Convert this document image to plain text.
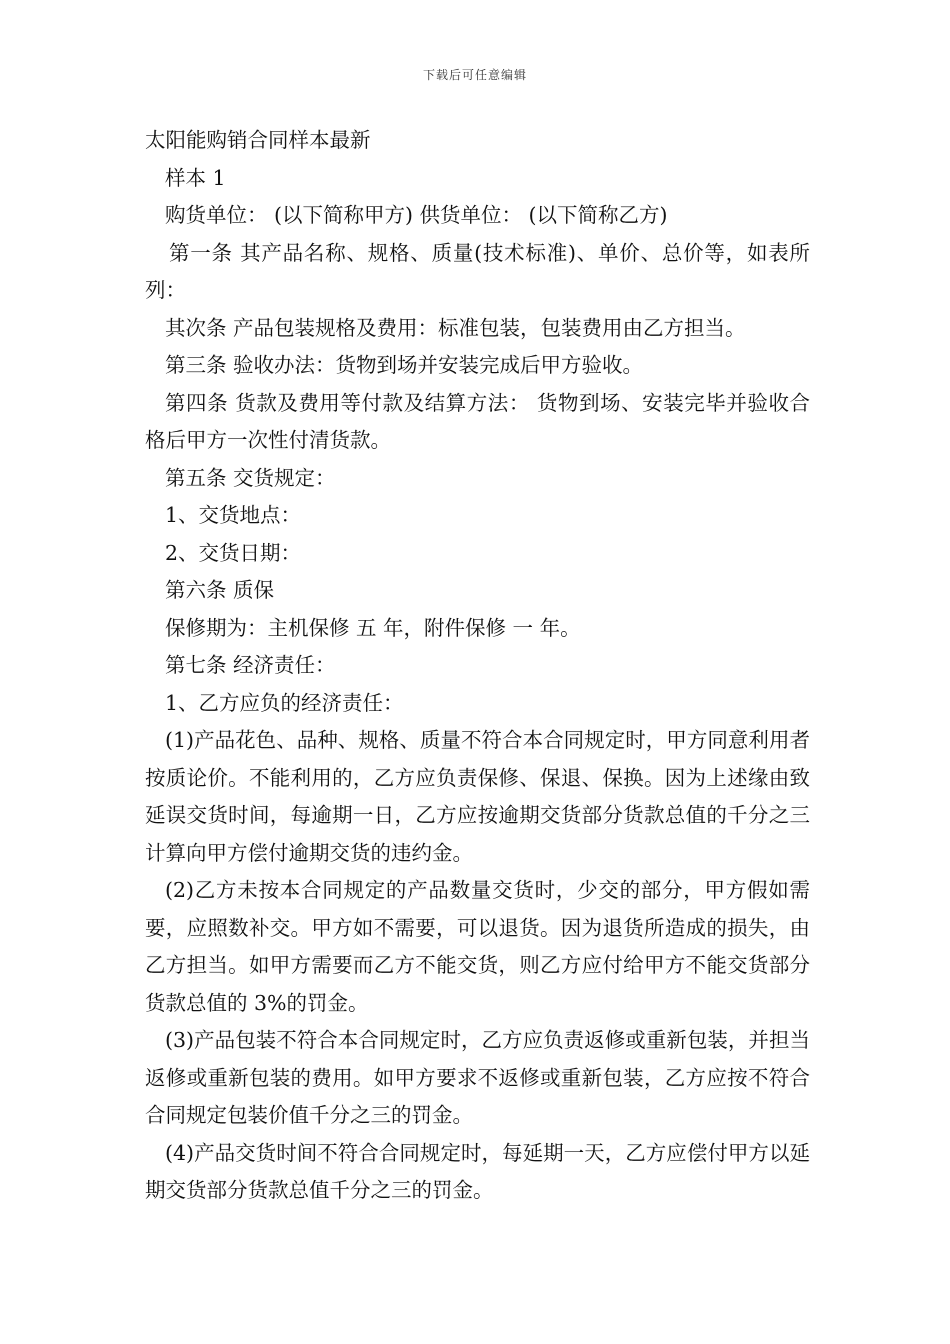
下载后可任意编辑

太阳能购销合同样本最新

样本 1

购货单位： (以下简称甲方) 供货单位： (以下简称乙方)

第一条 其产品名称、规格、质量(技术标准)、单价、总价等，如表所列：

其次条 产品包装规格及费用：标准包装，包装费用由乙方担当。

第三条 验收办法：货物到场并安装完成后甲方验收。

第四条 货款及费用等付款及结算方法： 货物到场、安装完毕并验收合格后甲方一次性付清货款。

第五条 交货规定：

1、交货地点：

2、交货日期：

第六条 质保

保修期为：主机保修 五 年，附件保修 一 年。

第七条 经济责任：

1、乙方应负的经济责任：

(1)产品花色、品种、规格、质量不符合本合同规定时，甲方同意利用者按质论价。不能利用的，乙方应负责保修、保退、保换。因为上述缘由致延误交货时间，每逾期一日，乙方应按逾期交货部分货款总值的千分之三计算向甲方偿付逾期交货的违约金。

(2)乙方未按本合同规定的产品数量交货时，少交的部分，甲方假如需要，应照数补交。甲方如不需要，可以退货。因为退货所造成的损失，由乙方担当。如甲方需要而乙方不能交货，则乙方应付给甲方不能交货部分货款总值的 3%的罚金。

(3)产品包装不符合本合同规定时，乙方应负责返修或重新包装，并担当返修或重新包装的费用。如甲方要求不返修或重新包装，乙方应按不符合合同规定包装价值千分之三的罚金。

(4)产品交货时间不符合合同规定时，每延期一天，乙方应偿付甲方以延期交货部分货款总值千分之三的罚金。
